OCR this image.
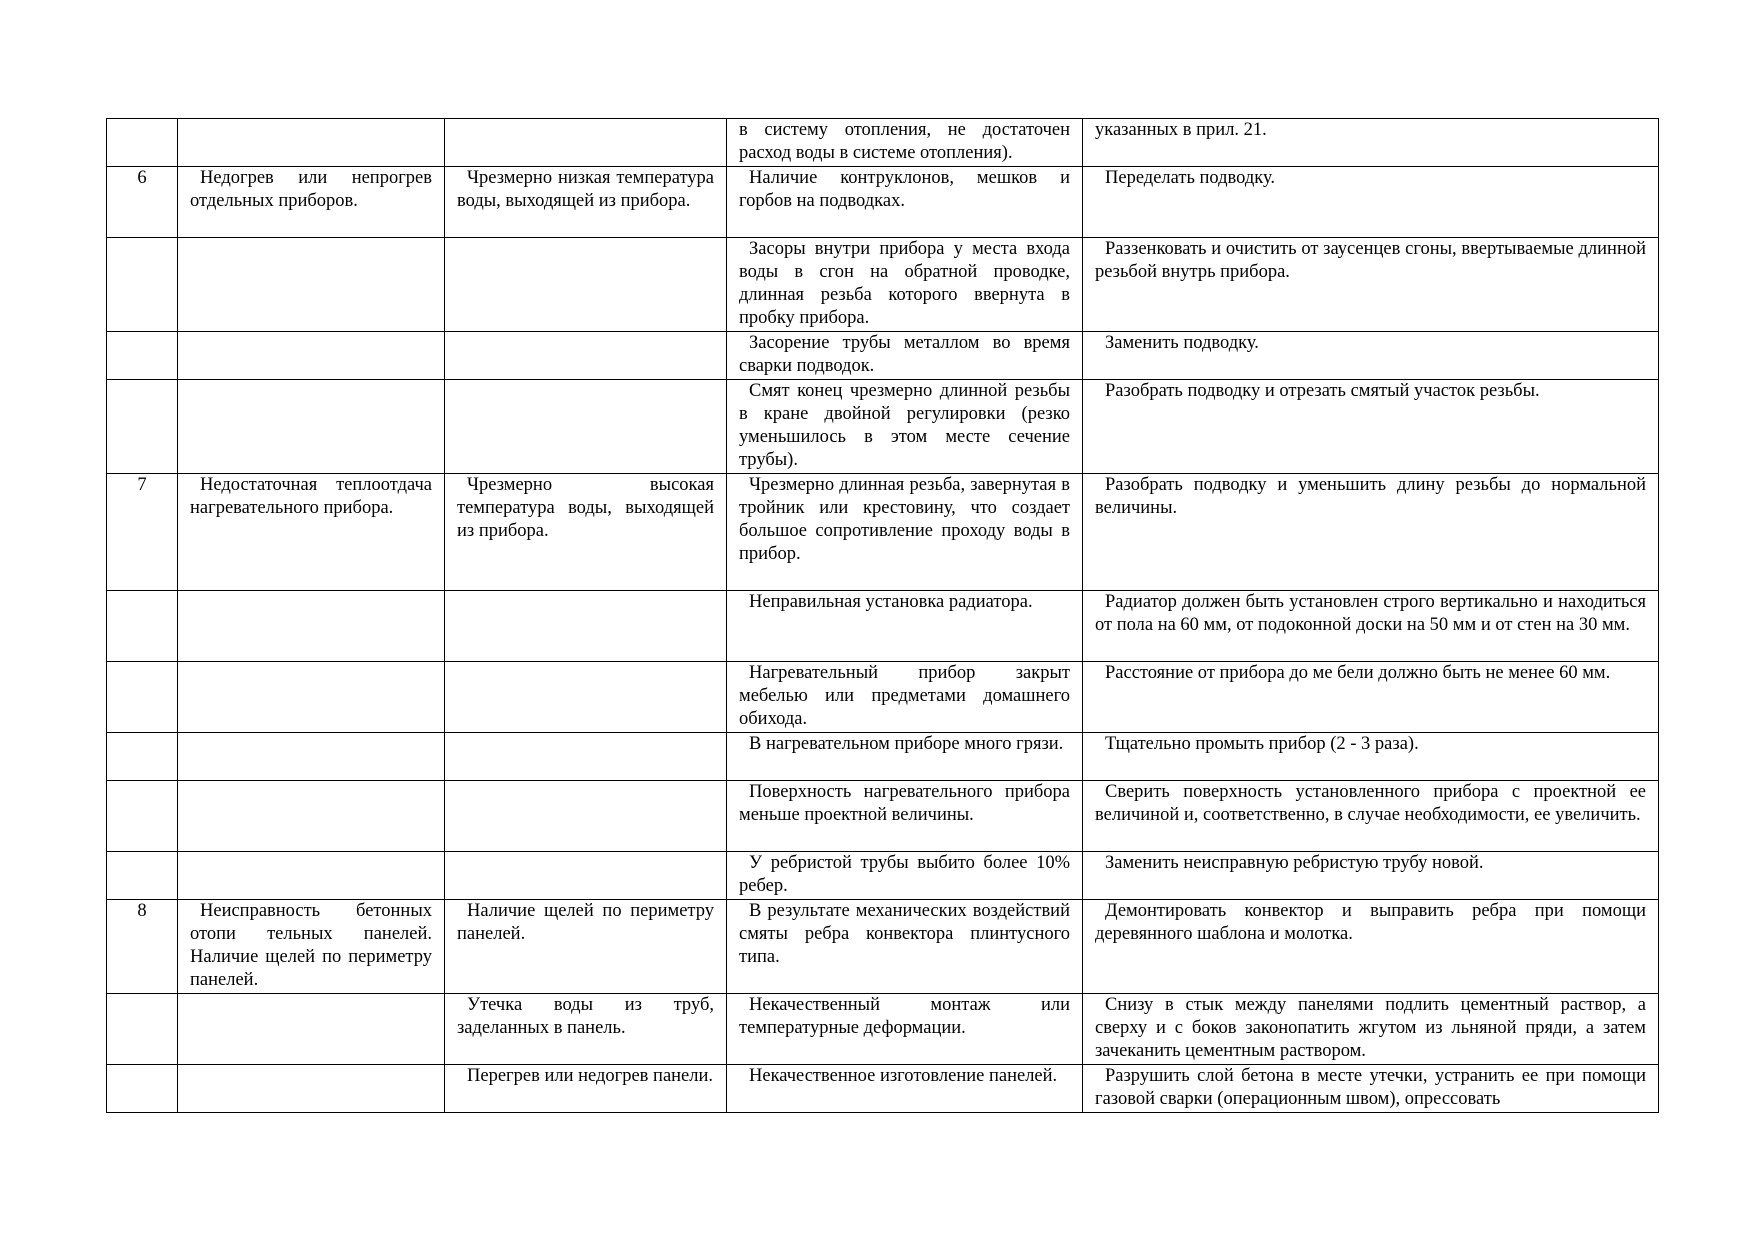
			в систему отопления, не достаточен расход воды в системе отопления).	указанных в прил. 21.
6	Недогрев или непрогрев отдельных приборов.	Чрезмерно низкая температура воды, выходящей из прибора.	Наличие контруклонов, мешков и горбов на подводках.	Переделать подводку.
			Засоры внутри прибора у места входа воды в сгон на обратной проводке, длинная резьба которого ввернута в пробку прибора.	Раззенковать и очистить от заусенцев сгоны, ввертываемые длинной резьбой внутрь прибора.
			Засорение трубы металлом во время сварки подводок.	Заменить подводку.
			Смят конец чрезмерно длинной резьбы в кране двойной регулировки (резко уменьшилось в этом месте сечение трубы).	Разобрать подводку и отрезать смятый участок резьбы.
7	Недостаточная теплоотдача нагревательного прибора.	Чрезмерно высокая температура воды, выходящей из прибора.	Чрезмерно длинная резьба, завернутая в тройник или крестовину, что создает большое сопротивление проходу воды в прибор.	Разобрать подводку и уменьшить длину резьбы до нормальной величины.
			Неправильная установка радиатора.	Радиатор должен быть установлен строго вертикально и находиться от пола на 60 мм, от подоконной доски на 50 мм и от стен на 30 мм.
			Нагревательный прибор закрыт мебелью или предметами домашнего обихода.	Расстояние от прибора до ме бели должно быть не менее 60 мм.
			В нагревательном приборе много грязи.	Тщательно промыть прибор (2 - 3 раза).
			Поверхность нагревательного прибора меньше проектной величины.	Сверить поверхность установленного прибора с проектной ее величиной и, соответственно, в случае необходимости, ее увеличить.
			У ребристой трубы выбито более 10% ребер.	Заменить неисправную ребристую трубу новой.
8	Неисправность бетонных отопи тельных панелей. Наличие щелей по периметру панелей.	Наличие щелей по периметру панелей.	В результате механических воздействий смяты ребра конвектора плинтусного типа.	Демонтировать конвектор и выправить ребра при помощи деревянного шаблона и молотка.
		Утечка воды из труб, заделанных в панель.	Некачественный монтаж или температурные деформации.	Снизу в стык между панелями подлить цементный раствор, а сверху и с боков законопатить жгутом из льняной пряди, а затем зачеканить цементным раствором.
		Перегрев или недогрев панели.	Некачественное изготовление панелей.	Разрушить слой бетона в месте утечки, устранить ее при помощи газовой сварки (операционным швом), опрессовать
